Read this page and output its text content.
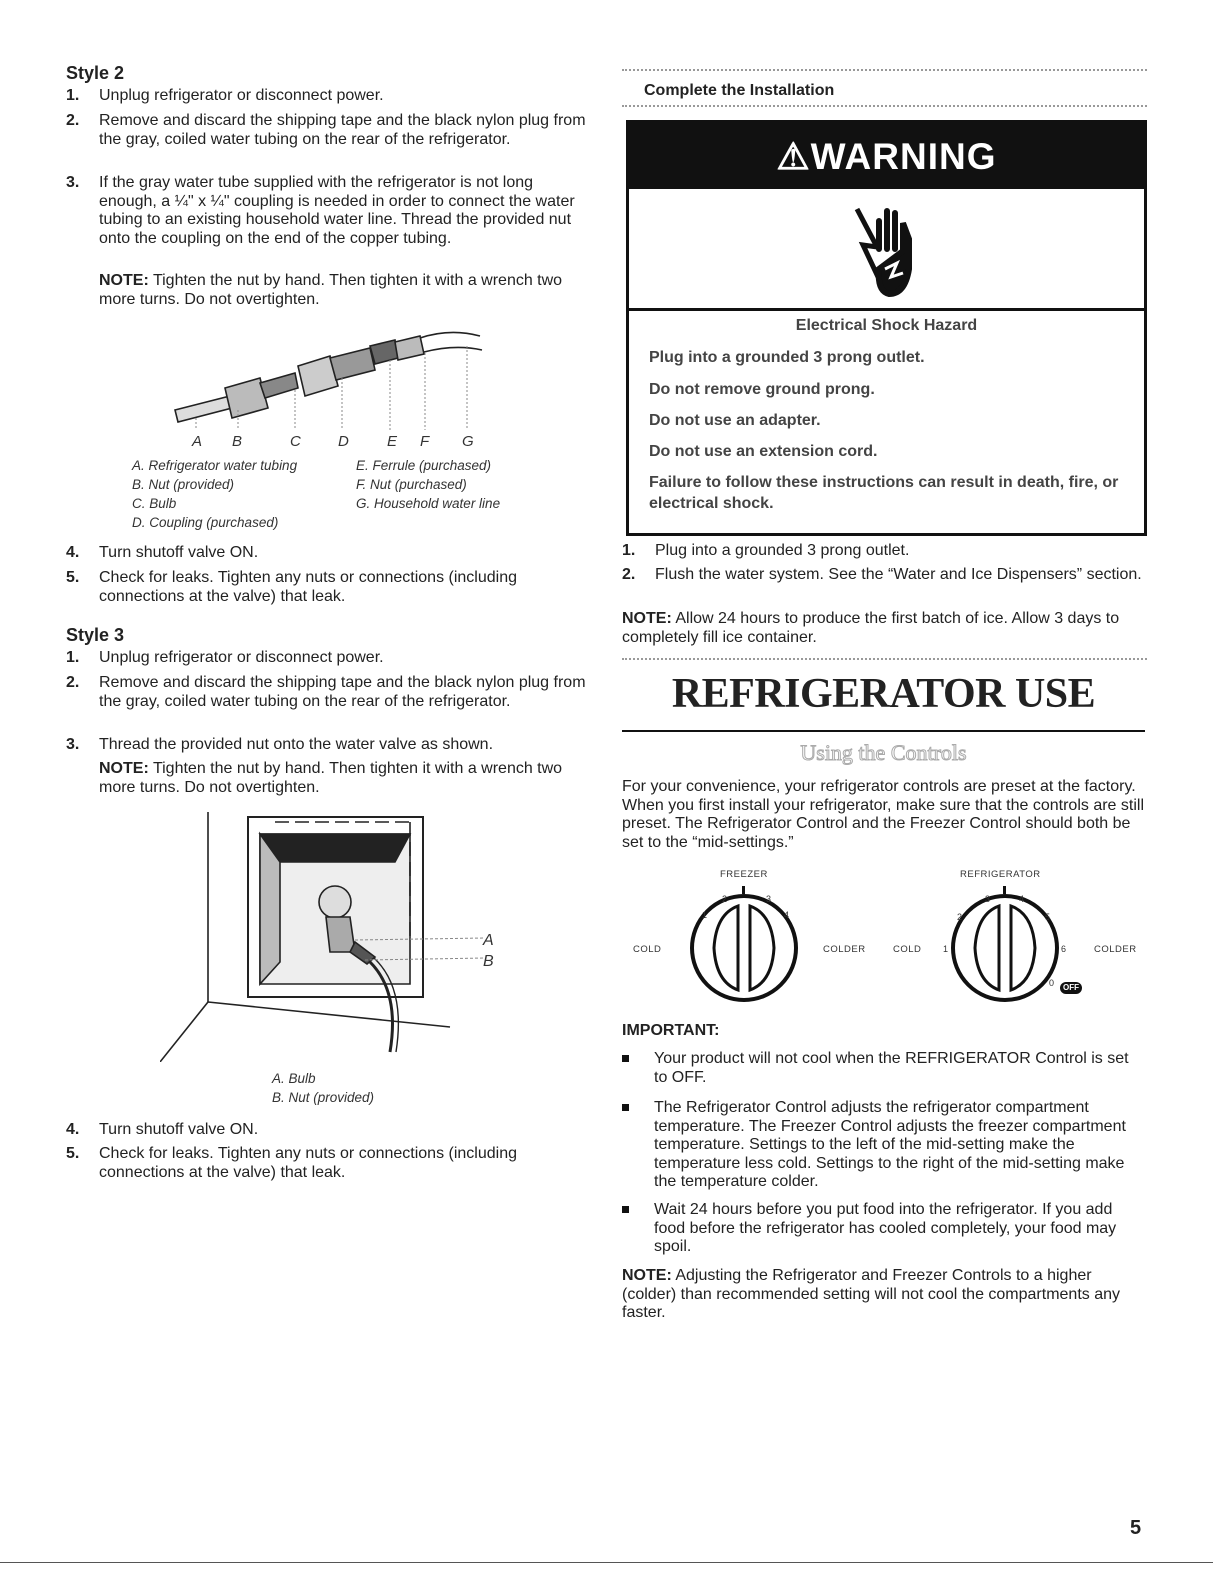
Style 2
1. Unplug refrigerator or disconnect power.
2. Remove and discard the shipping tape and the black nylon plug from the gray, coiled water tubing on the rear of the refrigerator.
3. If the gray water tube supplied with the refrigerator is not long enough, a ¼" x ¼" coupling is needed in order to connect the water tubing to an existing household water line. Thread the provided nut onto the coupling on the end of the copper tubing.
NOTE: Tighten the nut by hand. Then tighten it with a wrench two more turns. Do not overtighten.
A B	C D	E F G
A. Refrigerator water tubing
B. Nut (provided)
C. Bulb
D. Coupling (purchased)
E. Ferrule (purchased)
F. Nut (purchased)
G. Household water line
4. Turn shutoff valve ON.
5. Check for leaks. Tighten any nuts or connections (including connections at the valve) that leak.
Style 3
1. Unplug refrigerator or disconnect power.
2. Remove and discard the shipping tape and the black nylon plug from the gray, coiled water tubing on the rear of the refrigerator.
3. Thread the provided nut onto the water valve as shown.
NOTE: Tighten the nut by hand. Then tighten it with a wrench two more turns. Do not overtighten.
A
B
A. Bulb
B. Nut (provided)
4. Turn shutoff valve ON.
5. Check for leaks. Tighten any nuts or connections (including connections at the valve) that leak.
Complete the Installation
⚠WARNING
Electrical Shock Hazard
Plug into a grounded 3 prong outlet.
Do not remove ground prong.
Do not use an adapter.
Do not use an extension cord.
Failure to follow these instructions can result in death, fire, or electrical shock.
1. Plug into a grounded 3 prong outlet.
2. Flush the water system. See the “Water and Ice Dispensers” section.
NOTE: Allow 24 hours to produce the first batch of ice. Allow 3 days to completely fill ice container.
REFRIGERATOR USE
Using the Controls
For your convenience, your refrigerator controls are preset at the factory. When you first install your refrigerator, make sure that the controls are still preset. The Refrigerator Control and the Freezer Control should both be set to the “mid-settings.”
FREEZER
COLD	COLDER
1
2	3
4
REFRIGERATOR
COLD	COLDER
1
2
3	4
5
6
0	OFF
IMPORTANT:
Your product will not cool when the REFRIGERATOR Control is set to OFF.
The Refrigerator Control adjusts the refrigerator compartment temperature. The Freezer Control adjusts the freezer compartment temperature. Settings to the left of the mid-setting make the temperature less cold. Settings to the right of the mid-setting make the temperature colder.
Wait 24 hours before you put food into the refrigerator. If you add food before the refrigerator has cooled completely, your food may spoil.
NOTE: Adjusting the Refrigerator and Freezer Controls to a higher (colder) than recommended setting will not cool the compartments any faster.
5
